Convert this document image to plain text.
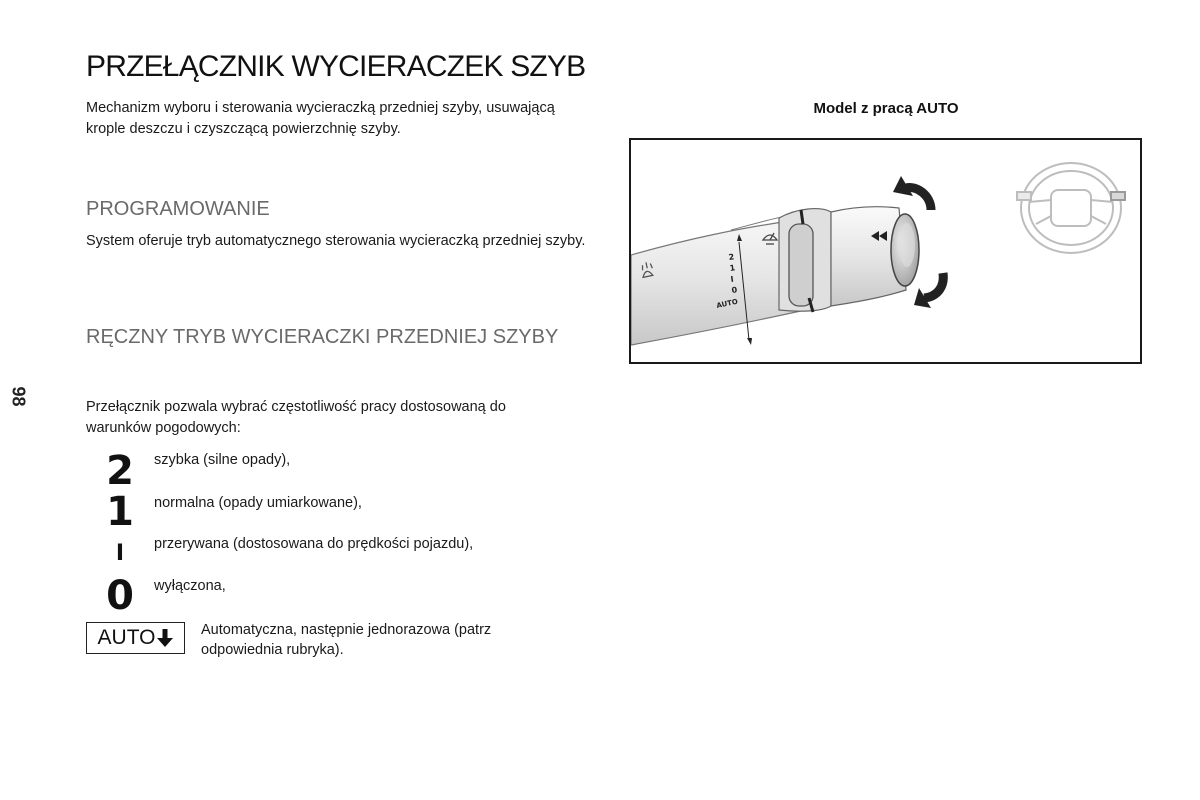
PRZEŁĄCZNIK WYCIERACZEK SZYB

Mechanizm wyboru i sterowania wycieraczką przedniej szyby, usuwającą krople deszczu i czyszczącą powierzchnię szyby.

PROGRAMOWANIE

System oferuje tryb automatycznego sterowania wycieraczką przedniej szyby.

RĘCZNY TRYB WYCIERACZKI PRZEDNIEJ SZYBY

Przełącznik pozwala wybrać częstotliwość pracy dostosowaną do warunków pogodowych:

98
2 szybka (silne opady),
1 normalna (opady umiarkowane),
I	przerywana (dostosowana do prędkości pojazdu),
0 wyłączona,
AUTO	Automatyczna, następnie jednorazowa (patrz odpowiednia rubryka).
Model z pracą AUTO
2
1
I
0
AUTO
